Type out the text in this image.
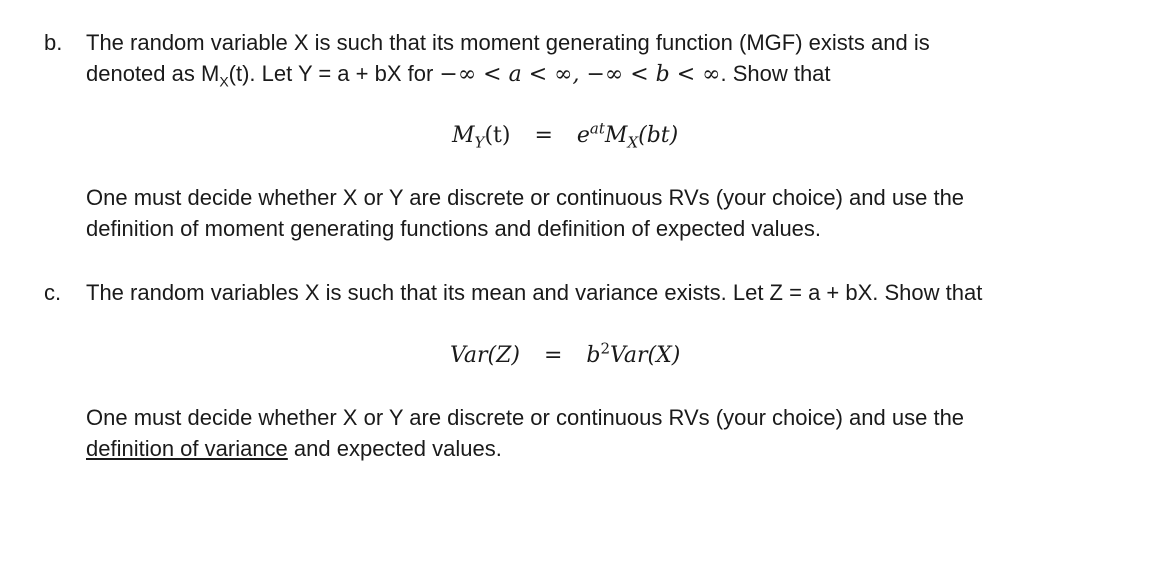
b. The random variable X is such that its moment generating function (MGF) exists and is
denoted as $M_X(t)$. Let Y = a + bX for −∞ < a < ∞, −∞ < b < ∞. Show that
$M_Y(t) = e^{at}M_X(bt)$
One must decide whether X or Y are discrete or continuous RVs (your choice) and use the
definition of moment generating functions and definition of expected values.
c. The random variables X is such that its mean and variance exists. Let Z = a + bX. Show that
$Var(Z) = b^2Var(X)$
One must decide whether X or Y are discrete or continuous RVs (your choice) and use the
definition of variance and expected values.
